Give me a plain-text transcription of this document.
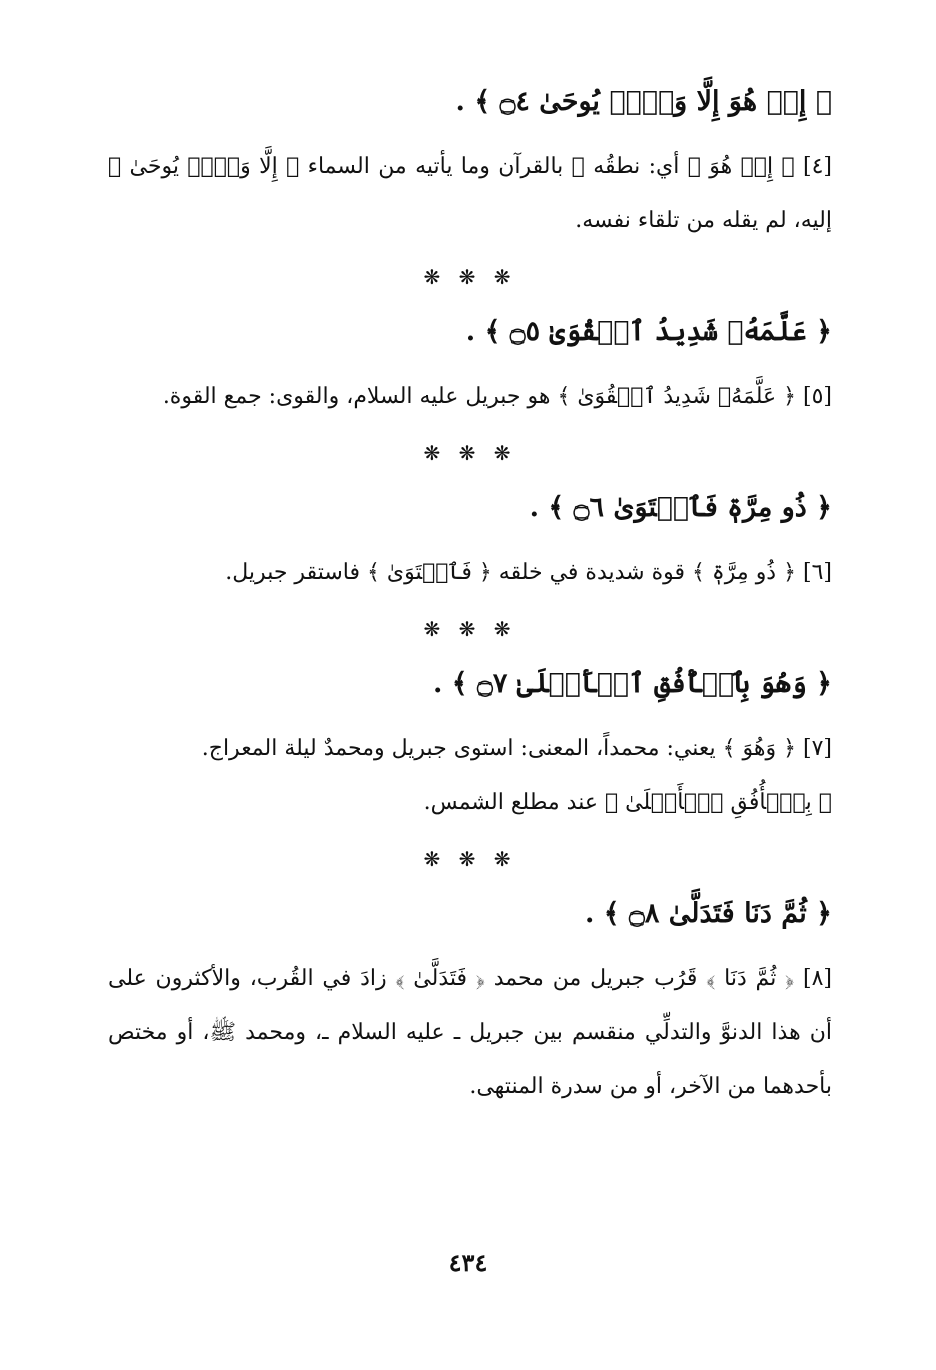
﴿ إِنۡ هُوَ إِلَّا وَحۡيٞ يُوحَىٰ ۝٤ ﴾ .

[٤] ﴿ إِنۡ هُوَ ﴾ أي: نطقُه ﷺ بالقرآن وما يأتيه من السماء ﴿ إِلَّا وَحۡيٞ يُوحَىٰ ﴾ إليه، لم يقله من تلقاء نفسه.

❋ ❋ ❋
﴿ عَلَّمَهُۥ شَدِيدُ ٱلۡقُوَىٰ ۝٥ ﴾ .

[٥] ﴿ عَلَّمَهُۥ شَدِيدُ ٱلۡقُوَىٰ ﴾ هو جبريل عليه السلام، والقوى: جمع القوة.

❋ ❋ ❋
﴿ ذُو مِرَّةٖ فَٱسۡتَوَىٰ ۝٦ ﴾ .

[٦] ﴿ ذُو مِرَّةٖ ﴾ قوة شديدة في خلقه ﴿ فَٱسۡتَوَىٰ ﴾ فاستقر جبريل.

❋ ❋ ❋
﴿ وَهُوَ بِٱلۡأُفُقِ ٱلۡأَعۡلَىٰ ۝٧ ﴾ .

[٧] ﴿ وَهُوَ ﴾ يعني: محمداً، المعنى: استوى جبريل ومحمدٌ ليلة المعراج.

﴿ بِٱلۡأُفُقِ ٱلۡأَعۡلَىٰ ﴾ عند مطلع الشمس.

❋ ❋ ❋
﴿ ثُمَّ دَنَا فَتَدَلَّىٰ ۝٨ ﴾ .

[٨] ﴿ ثُمَّ دَنَا ﴾ قَرُب جبريل من محمد ﴿ فَتَدَلَّىٰ ﴾ زادَ في القُرب، والأكثرون على أن هذا الدنوَّ والتدلِّي منقسم بين جبريل ـ عليه السلام ـ، ومحمد ﷺ، أو مختص بأحدهما من الآخر، أو من سدرة المنتهى.

٤٣٤
